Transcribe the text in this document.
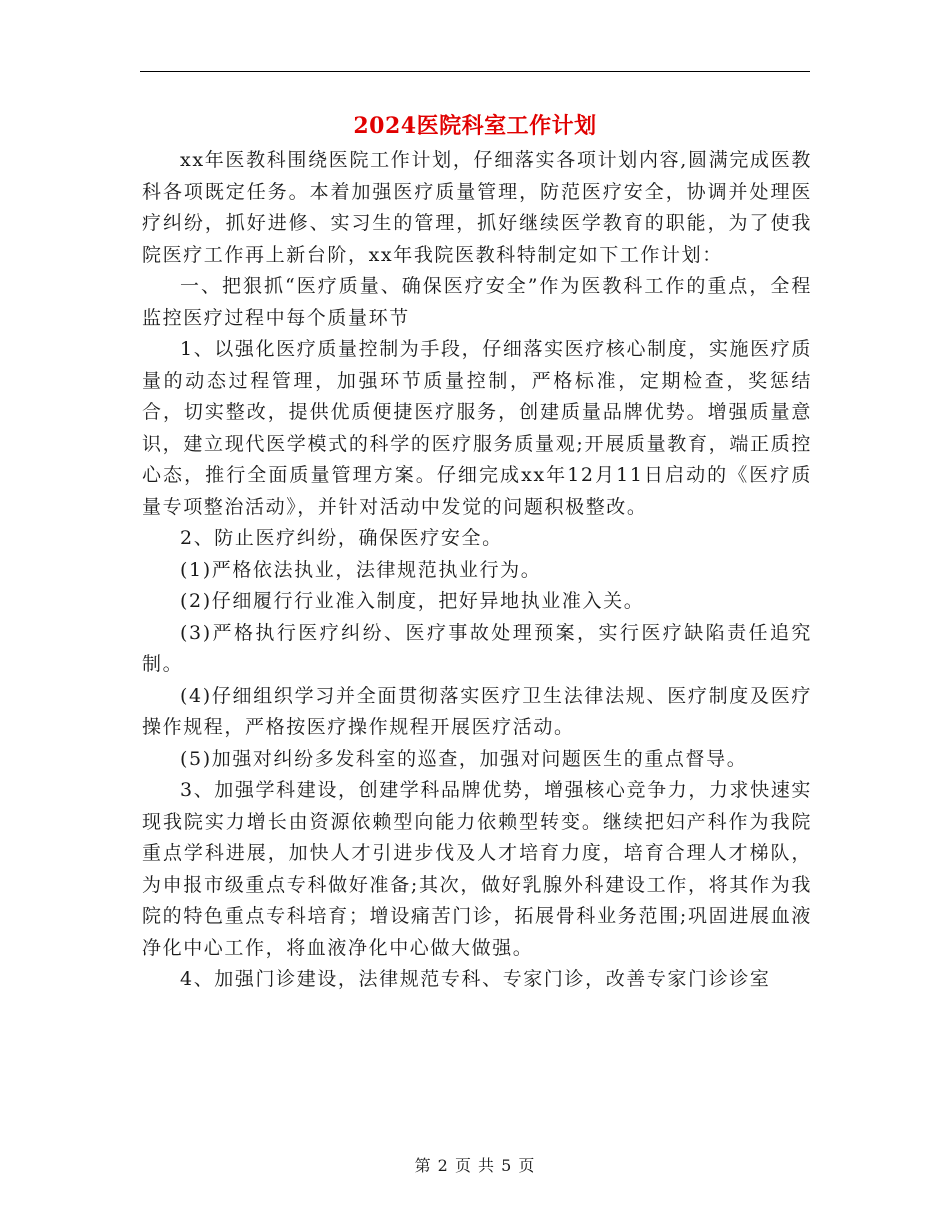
2024医院科室工作计划

xx年医教科围绕医院工作计划，仔细落实各项计划内容,圆满完成医教科各项既定任务。本着加强医疗质量管理，防范医疗安全，协调并处理医疗纠纷，抓好进修、实习生的管理，抓好继续医学教育的职能，为了使我院医疗工作再上新台阶，xx年我院医教科特制定如下工作计划：

一、把狠抓“医疗质量、确保医疗安全”作为医教科工作的重点，全程监控医疗过程中每个质量环节

1、以强化医疗质量控制为手段，仔细落实医疗核心制度，实施医疗质量的动态过程管理，加强环节质量控制，严格标准，定期检查，奖惩结合，切实整改，提供优质便捷医疗服务，创建质量品牌优势。增强质量意识，建立现代医学模式的科学的医疗服务质量观;开展质量教育，端正质控心态，推行全面质量管理方案。仔细完成xx年12月11日启动的《医疗质量专项整治活动》，并针对活动中发觉的问题积极整改。

2、防止医疗纠纷，确保医疗安全。

(1)严格依法执业，法律规范执业行为。

(2)仔细履行行业准入制度，把好异地执业准入关。

(3)严格执行医疗纠纷、医疗事故处理预案，实行医疗缺陷责任追究制。

(4)仔细组织学习并全面贯彻落实医疗卫生法律法规、医疗制度及医疗操作规程，严格按医疗操作规程开展医疗活动。

(5)加强对纠纷多发科室的巡查，加强对问题医生的重点督导。

3、加强学科建设，创建学科品牌优势，增强核心竞争力，力求快速实现我院实力增长由资源依赖型向能力依赖型转变。继续把妇产科作为我院重点学科进展，加快人才引进步伐及人才培育力度，培育合理人才梯队，为申报市级重点专科做好准备;其次，做好乳腺外科建设工作，将其作为我院的特色重点专科培育；增设痛苦门诊，拓展骨科业务范围;巩固进展血液净化中心工作，将血液净化中心做大做强。

4、加强门诊建设，法律规范专科、专家门诊，改善专家门诊诊室

第 2 页 共 5 页
